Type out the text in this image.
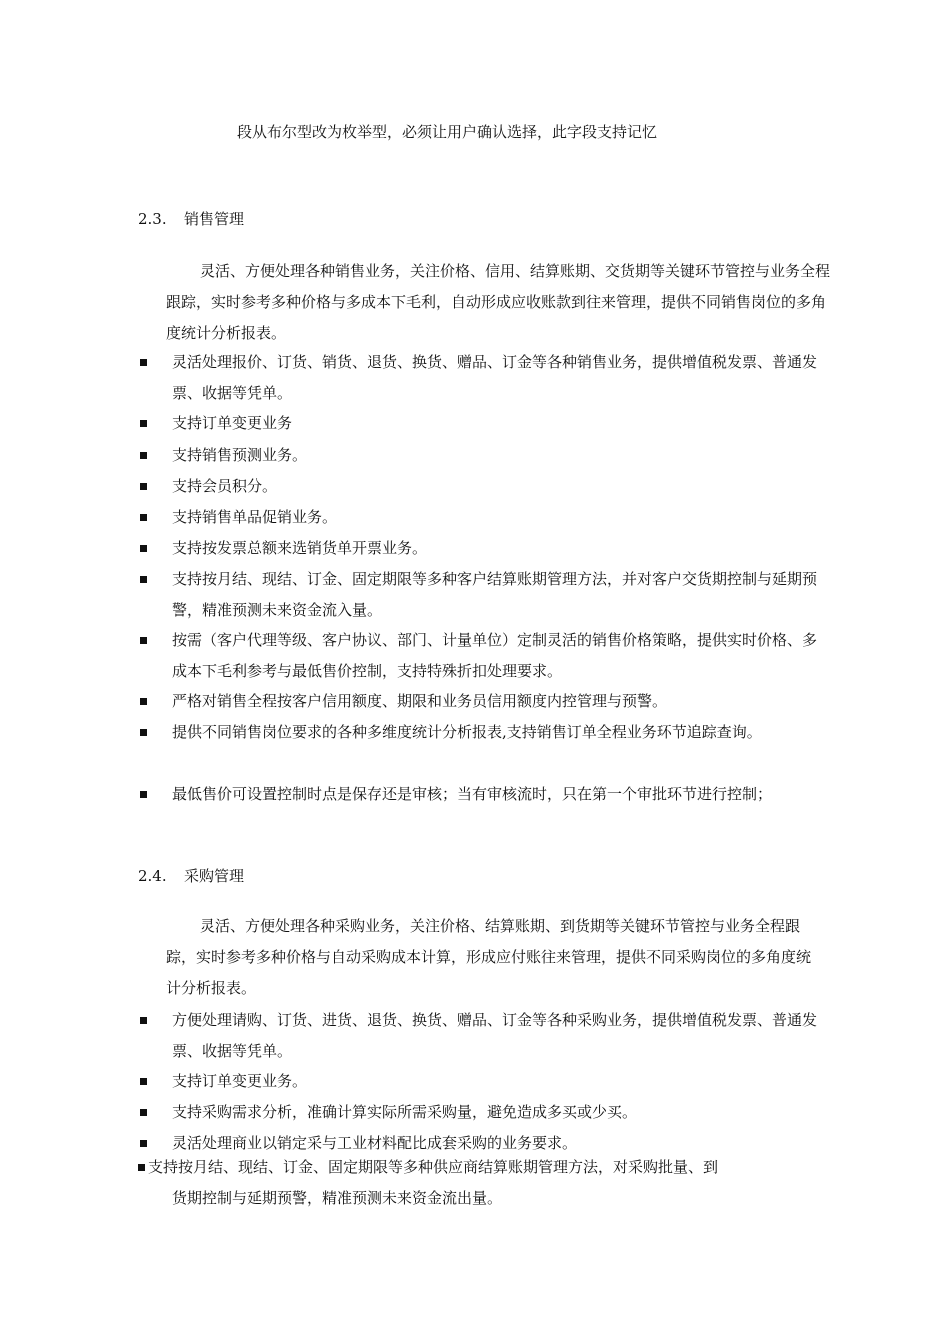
段从布尔型改为枚举型，必须让用户确认选择，此字段支持记忆
2.3. 销售管理
灵活、方便处理各种销售业务，关注价格、信用、结算账期、交货期等关键环节管控与业务全程跟踪，实时参考多种价格与多成本下毛利，自动形成应收账款到往来管理，提供不同销售岗位的多角度统计分析报表。
灵活处理报价、订货、销货、退货、换货、赠品、订金等各种销售业务，提供增值税发票、普通发票、收据等凭单。
支持订单变更业务
支持销售预测业务。
支持会员积分。
支持销售单品促销业务。
支持按发票总额来选销货单开票业务。
支持按月结、现结、订金、固定期限等多种客户结算账期管理方法，并对客户交货期控制与延期预警，精准预测未来资金流入量。
按需（客户代理等级、客户协议、部门、计量单位）定制灵活的销售价格策略，提供实时价格、多成本下毛利参考与最低售价控制，支持特殊折扣处理要求。
严格对销售全程按客户信用额度、期限和业务员信用额度内控管理与预警。
提供不同销售岗位要求的各种多维度统计分析报表,支持销售订单全程业务环节追踪查询。
最低售价可设置控制时点是保存还是审核；当有审核流时，只在第一个审批环节进行控制；
2.4. 采购管理
灵活、方便处理各种采购业务，关注价格、结算账期、到货期等关键环节管控与业务全程跟踪，实时参考多种价格与自动采购成本计算，形成应付账往来管理，提供不同采购岗位的多角度统计分析报表。
方便处理请购、订货、进货、退货、换货、赠品、订金等各种采购业务，提供增值税发票、普通发票、收据等凭单。
支持订单变更业务。
支持采购需求分析，准确计算实际所需采购量，避免造成多买或少买。
灵活处理商业以销定采与工业材料配比成套采购的业务要求。
支持按月结、现结、订金、固定期限等多种供应商结算账期管理方法，对采购批量、到
货期控制与延期预警，精准预测未来资金流出量。
